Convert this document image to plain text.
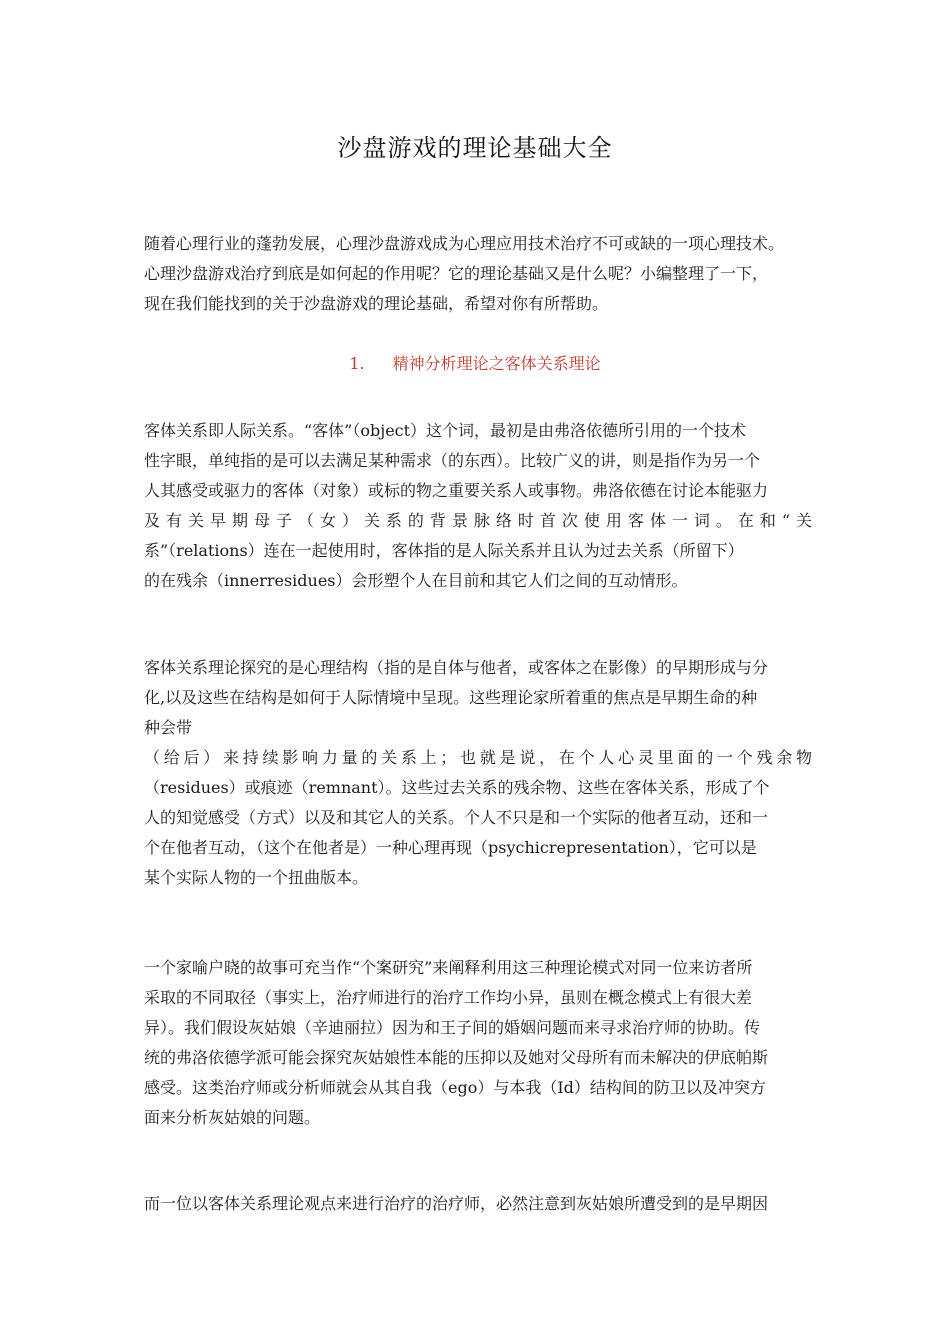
沙盘游戏的理论基础大全
随着心理行业的蓬勃发展，心理沙盘游戏成为心理应用技术治疗不可或缺的一项心理技术。
心理沙盘游戏治疗到底是如何起的作用呢？它的理论基础又是什么呢？小编整理了一下，
现在我们能找到的关于沙盘游戏的理论基础，希望对你有所帮助。
1. 精神分析理论之客体关系理论
客体关系即人际关系。“客体”（object）这个词，最初是由弗洛依德所引用的一个技术
性字眼，单纯指的是可以去满足某种需求（的东西）。比较广义的讲，则是指作为另一个
人其感受或驱力的客体（对象）或标的物之重要关系人或事物。弗洛依德在讨论本能驱力
及有关早期母子（女）关系的背景脉络时首次使用客体一词。在和“关
系”（relations）连在一起使用时，客体指的是人际关系并且认为过去关系（所留下）
的在残余（innerresidues）会形塑个人在目前和其它人们之间的互动情形。
客体关系理论探究的是心理结构（指的是自体与他者，或客体之在影像）的早期形成与分
化,以及这些在结构是如何于人际情境中呈现。这些理论家所着重的焦点是早期生命的种
种会带
（给后）来持续影响力量的关系上；也就是说，在个人心灵里面的一个残余物
（residues）或痕迹（remnant）。这些过去关系的残余物、这些在客体关系，形成了个
人的知觉感受（方式）以及和其它人的关系。个人不只是和一个实际的他者互动，还和一
个在他者互动，（这个在他者是）一种心理再现（psychicrepresentation），它可以是
某个实际人物的一个扭曲版本。
一个家喻户晓的故事可充当作“个案研究”来阐释利用这三种理论模式对同一位来访者所
采取的不同取径（事实上，治疗师进行的治疗工作均小异，虽则在概念模式上有很大差
异）。我们假设灰姑娘（辛迪丽拉）因为和王子间的婚姻问题而来寻求治疗师的协助。传
统的弗洛依德学派可能会探究灰姑娘性本能的压抑以及她对父母所有而未解决的伊底帕斯
感受。这类治疗师或分析师就会从其自我（ego）与本我（Id）结构间的防卫以及冲突方
面来分析灰姑娘的问题。
而一位以客体关系理论观点来进行治疗的治疗师，必然注意到灰姑娘所遭受到的是早期因
